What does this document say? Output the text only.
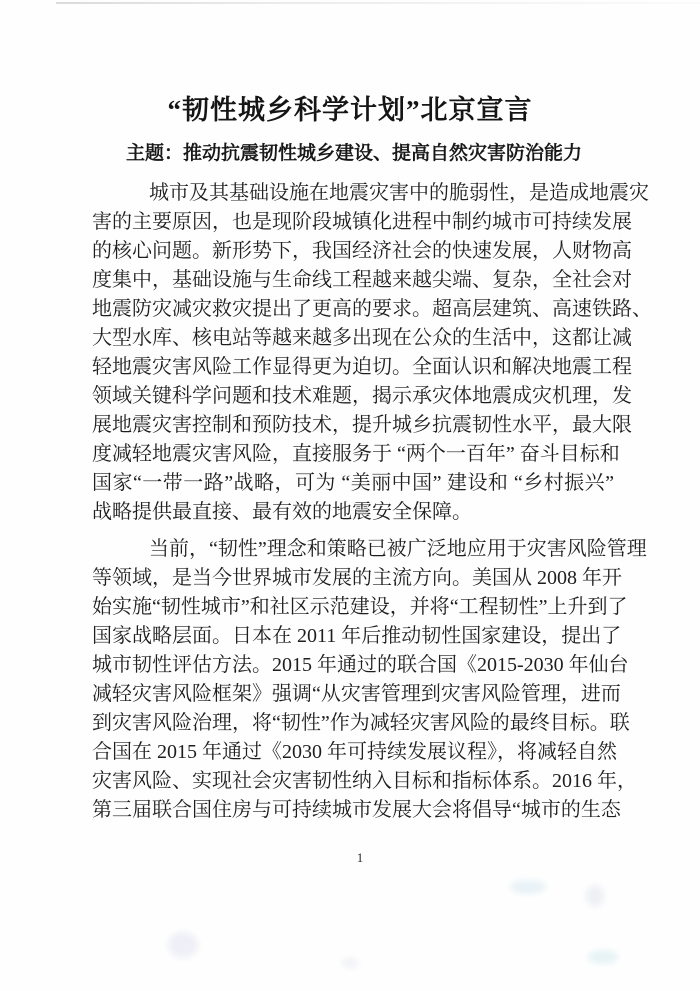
“韧性城乡科学计划”北京宣言
主题：推动抗震韧性城乡建设、提高自然灾害防治能力
城市及其基础设施在地震灾害中的脆弱性，是造成地震灾
害的主要原因，也是现阶段城镇化进程中制约城市可持续发展
的核心问题。新形势下，我国经济社会的快速发展，人财物高
度集中，基础设施与生命线工程越来越尖端、复杂，全社会对
地震防灾减灾救灾提出了更高的要求。超高层建筑、高速铁路、
大型水库、核电站等越来越多出现在公众的生活中，这都让减
轻地震灾害风险工作显得更为迫切。全面认识和解决地震工程
领域关键科学问题和技术难题，揭示承灾体地震成灾机理，发
展地震灾害控制和预防技术，提升城乡抗震韧性水平，最大限
度减轻地震灾害风险，直接服务于 “两个一百年” 奋斗目标和
国家“一带一路”战略，可为 “美丽中国” 建设和 “乡村振兴”
战略提供最直接、最有效的地震安全保障。
当前，“韧性”理念和策略已被广泛地应用于灾害风险管理
等领域，是当今世界城市发展的主流方向。美国从 2008 年开
始实施“韧性城市”和社区示范建设，并将“工程韧性”上升到了
国家战略层面。日本在 2011 年后推动韧性国家建设，提出了
城市韧性评估方法。2015 年通过的联合国《2015-2030 年仙台
减轻灾害风险框架》强调“从灾害管理到灾害风险管理，进而
到灾害风险治理，将“韧性”作为减轻灾害风险的最终目标。联
合国在 2015 年通过《2030 年可持续发展议程》，将减轻自然
灾害风险、实现社会灾害韧性纳入目标和指标体系。2016 年，
第三届联合国住房与可持续城市发展大会将倡导“城市的生态
1
